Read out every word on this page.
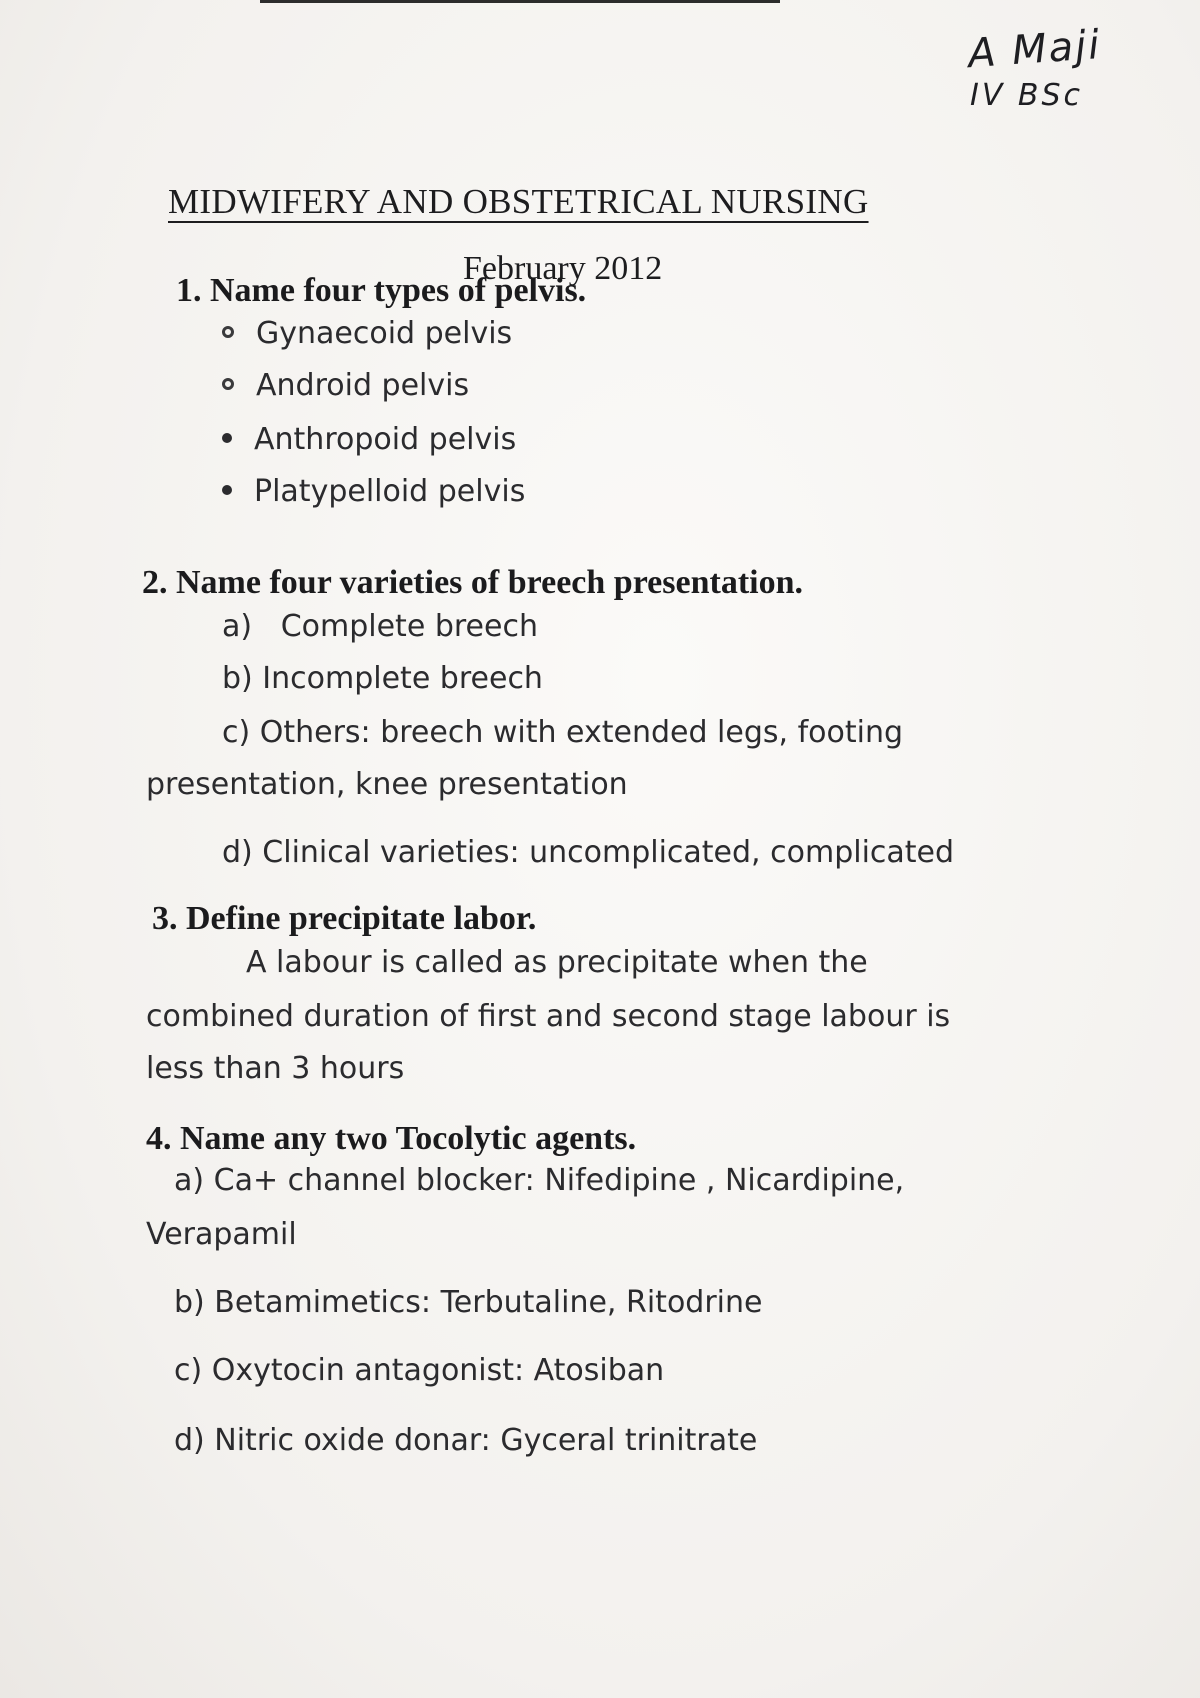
A Maji
IV BSc
MIDWIFERY AND OBSTETRICAL NURSING
February 2012
1. Name four types of pelvis.
Gynaecoid pelvis
Android pelvis
Anthropoid pelvis
Platypelloid pelvis
2. Name four varieties of breech presentation.
a)   Complete breech
b) Incomplete breech
c) Others: breech with extended legs, footing
presentation, knee presentation
d) Clinical varieties: uncomplicated, complicated
3. Define precipitate labor.
A labour is called as precipitate when the
combined duration of first and second stage labour is
less than 3 hours
4. Name any two Tocolytic agents.
a) Ca+ channel blocker: Nifedipine , Nicardipine,
Verapamil
b) Betamimetics: Terbutaline, Ritodrine
c) Oxytocin antagonist: Atosiban
d) Nitric oxide donar: Gyceral trinitrate
